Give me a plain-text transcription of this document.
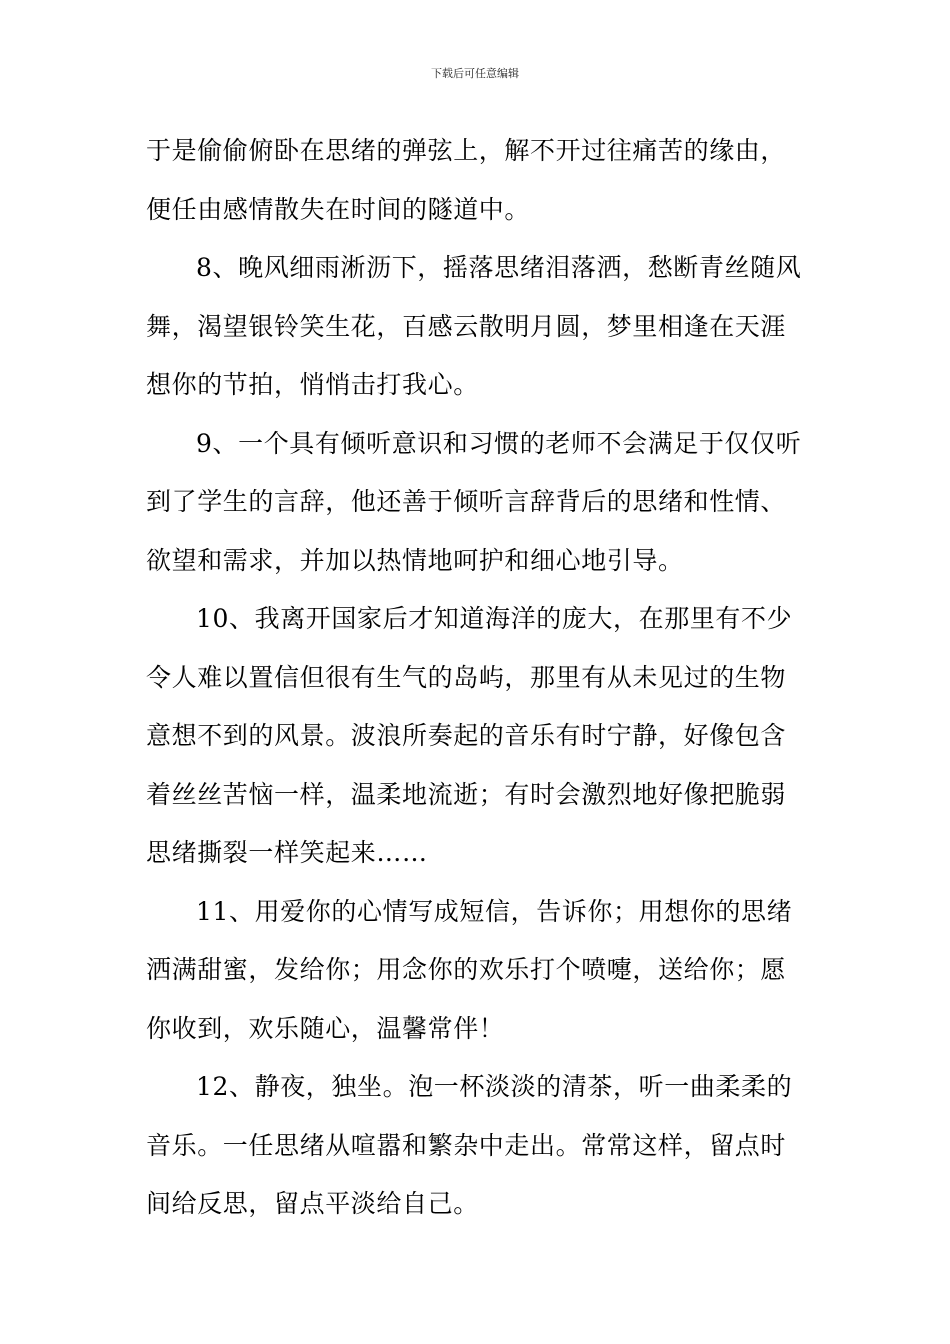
下载后可任意编辑
于是偷偷俯卧在思绪的弹弦上，解不开过往痛苦的缘由，
便任由感情散失在时间的隧道中。
8、晚风细雨淅沥下，摇落思绪泪落洒，愁断青丝随风
舞，渴望银铃笑生花，百感云散明月圆，梦里相逢在天涯
想你的节拍，悄悄击打我心。
9、一个具有倾听意识和习惯的老师不会满足于仅仅听
到了学生的言辞，他还善于倾听言辞背后的思绪和性情、
欲望和需求，并加以热情地呵护和细心地引导。
10、我离开国家后才知道海洋的庞大，在那里有不少
令人难以置信但很有生气的岛屿，那里有从未见过的生物
意想不到的风景。波浪所奏起的音乐有时宁静，好像包含
着丝丝苦恼一样，温柔地流逝；有时会激烈地好像把脆弱
思绪撕裂一样笑起来……
11、用爱你的心情写成短信，告诉你；用想你的思绪
洒满甜蜜，发给你；用念你的欢乐打个喷嚏，送给你；愿
你收到，欢乐随心，温馨常伴！
12、静夜，独坐。泡一杯淡淡的清茶，听一曲柔柔的
音乐。一任思绪从喧嚣和繁杂中走出。常常这样，留点时
间给反思，留点平淡给自己。
